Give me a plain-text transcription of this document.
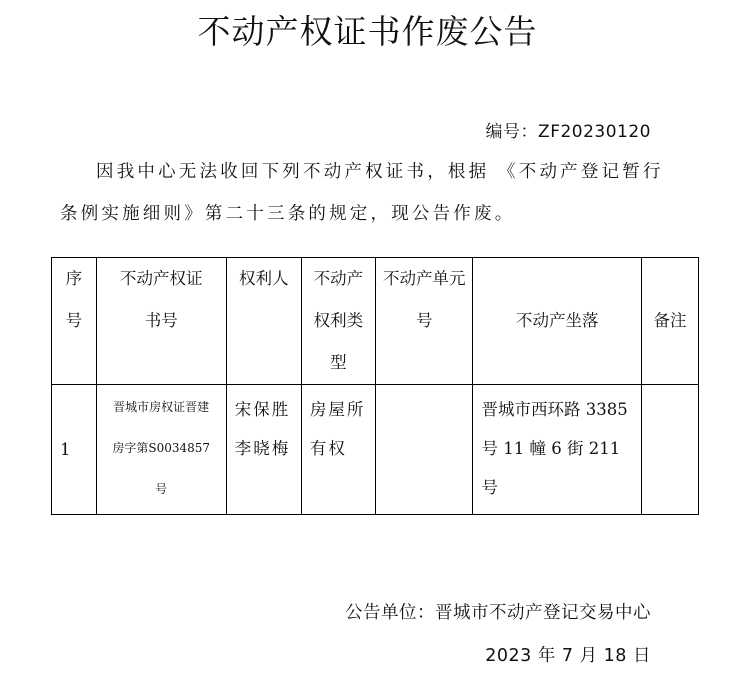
不动产权证书作废公告
编号：ZF20230120
因我中心无法收回下列不动产权证书，根据 《不动产登记暂行条例实施细则》第二十三条的规定，现公告作废。
序号	不动产权证书号	权利人	不动产权利类型	不动产单元号	不动产坐落	备注
1	晋城市房权证晋建房字第S0034857号	宋保胜李晓梅	房屋所有权		晋城市西环路 3385 号 11 幢 6 街 211 号	
公告单位：晋城市不动产登记交易中心
2023 年 7 月 18 日
